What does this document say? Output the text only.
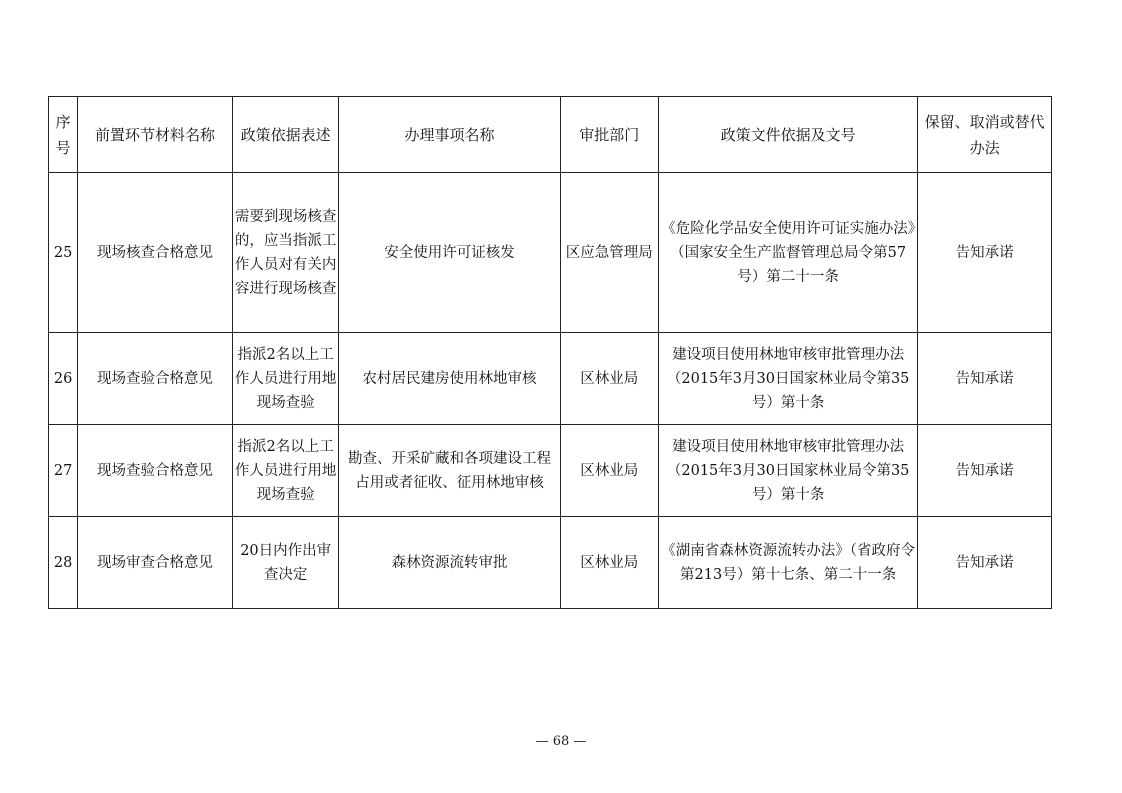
序号	前置环节材料名称	政策依据表述	办理事项名称	审批部门	政策文件依据及文号	保留、取消或替代办法
25	现场核查合格意见	需要到现场核查的，应当指派工作人员对有关内容进行现场核查	安全使用许可证核发	区应急管理局	《危险化学品安全使用许可证实施办法》（国家安全生产监督管理总局令第57号）第二十一条	告知承诺
26	现场查验合格意见	指派2名以上工作人员进行用地现场查验	农村居民建房使用林地审核	区林业局	建设项目使用林地审核审批管理办法（2015年3月30日国家林业局令第35号）第十条	告知承诺
27	现场查验合格意见	指派2名以上工作人员进行用地现场查验	勘查、开采矿藏和各项建设工程占用或者征收、征用林地审核	区林业局	建设项目使用林地审核审批管理办法（2015年3月30日国家林业局令第35号）第十条	告知承诺
28	现场审查合格意见	20日内作出审查决定	森林资源流转审批	区林业局	《湖南省森林资源流转办法》（省政府令第213号）第十七条、第二十一条	告知承诺
— 68 —
